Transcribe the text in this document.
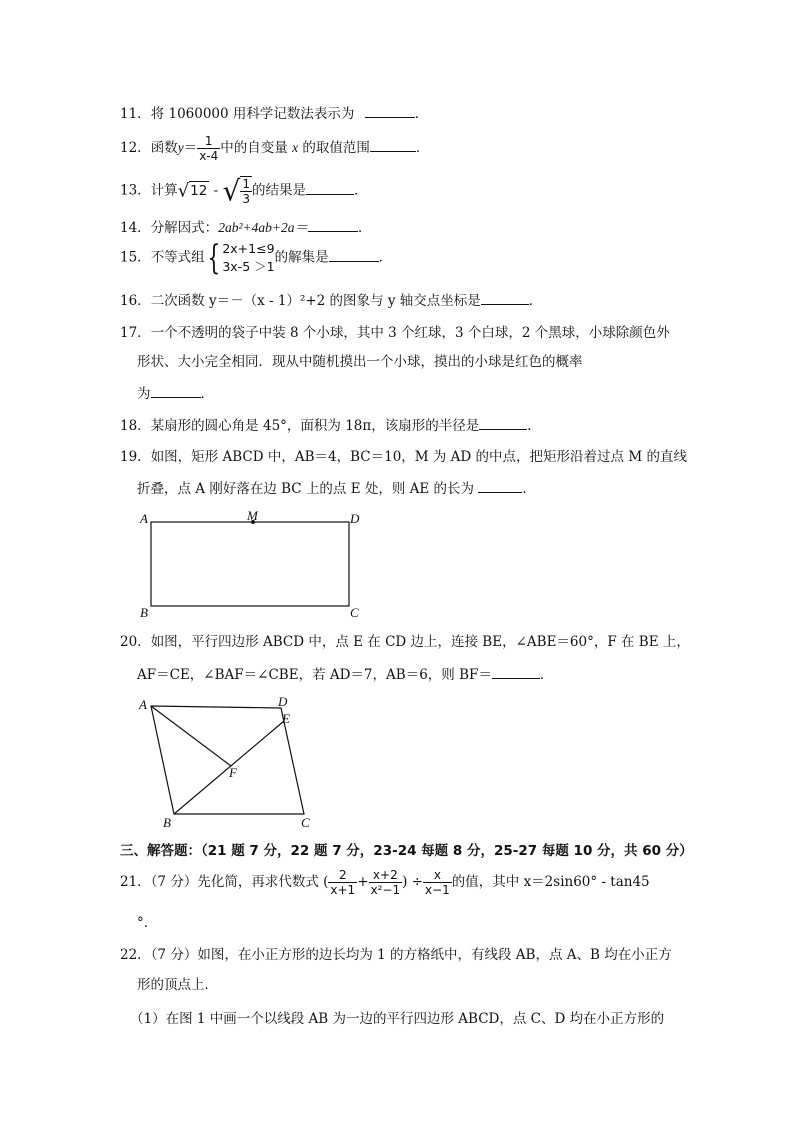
11．将 1060000 用科学记数法表示为	．
12．函数$y= \frac{1}{x-4}$ 中的自变量 x 的取值范围	．
13．计算√12 - √ $\frac{1}{3}$ 的结果是	．
14．分解因式：2ab²+4ab+2a＝	．
15．不等式组{ 2x+1≤9
3x-5 ＞1
的解集是	．
16．二次函数 y＝－（x - 1）²+2 的图象与 y 轴交点坐标是	．
17．一个不透明的袋子中装 8 个小球，其中 3 个红球，3 个白球，2 个黑球，小球除颜色外
形状、大小完全相同．现从中随机摸出一个小球，摸出的小球是红色的概率
为	．
18．某扇形的圆心角是 45°，面积为 18π，该扇形的半径是	．
19．如图，矩形 ABCD 中，AB＝4，BC＝10，M 为 AD 的中点，把矩形沿着过点 M 的直线
折叠，点 A 刚好落在边 BC 上的点 E 处，则 AE 的长为	．
A	M	D
B	C
20．如图，平行四边形 ABCD 中，点 E 在 CD 边上，连接 BE，∠ABE＝60°，F 在 BE 上，
AF＝CE，∠BAF＝∠CBE，若 AD＝7，AB＝6，则 BF＝	．
A	D
E
F
B	C
三、解答题：（21 题 7 分，22 题 7 分，23-24 每题 8 分，25-27 每题 10 分，共 60 分）
21．（7 分）先化简，再求代数式 ( $\frac{2}{x+1} + \frac{x+2}{\text{x²−1}}$ ) ÷ $\frac{x}{x-1}$ 的值，其中 x＝2sin60° - tan45
°．
22．（7 分）如图，在小正方形的边长均为 1 的方格纸中，有线段 AB，点 A、B 均在小正方
形的顶点上．
（1）在图 1 中画一个以线段 AB 为一边的平行四边形 ABCD，点 C、D 均在小正方形的
